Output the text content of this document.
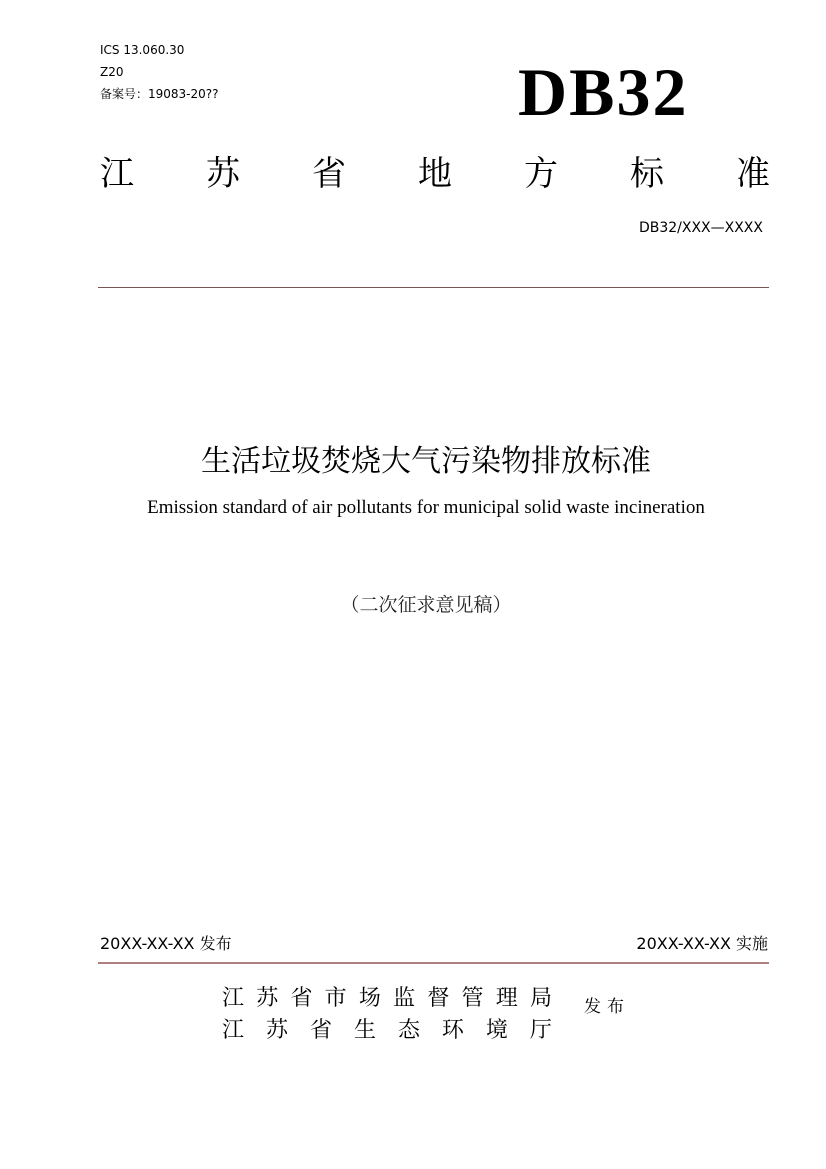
ICS 13.060.30
Z20
备案号：19083-20??	DB32
江 苏 省 地 方 标 准
DB32/XXX—XXXX
生活垃圾焚烧大气污染物排放标准
Emission standard of air pollutants for municipal solid waste incineration
（二次征求意见稿）
20XX-XX-XX 发布	20XX-XX-XX 实施
江 苏 省 市 场 监 督 管 理 局
江 苏 省 生 态 环 境 厅
发布
